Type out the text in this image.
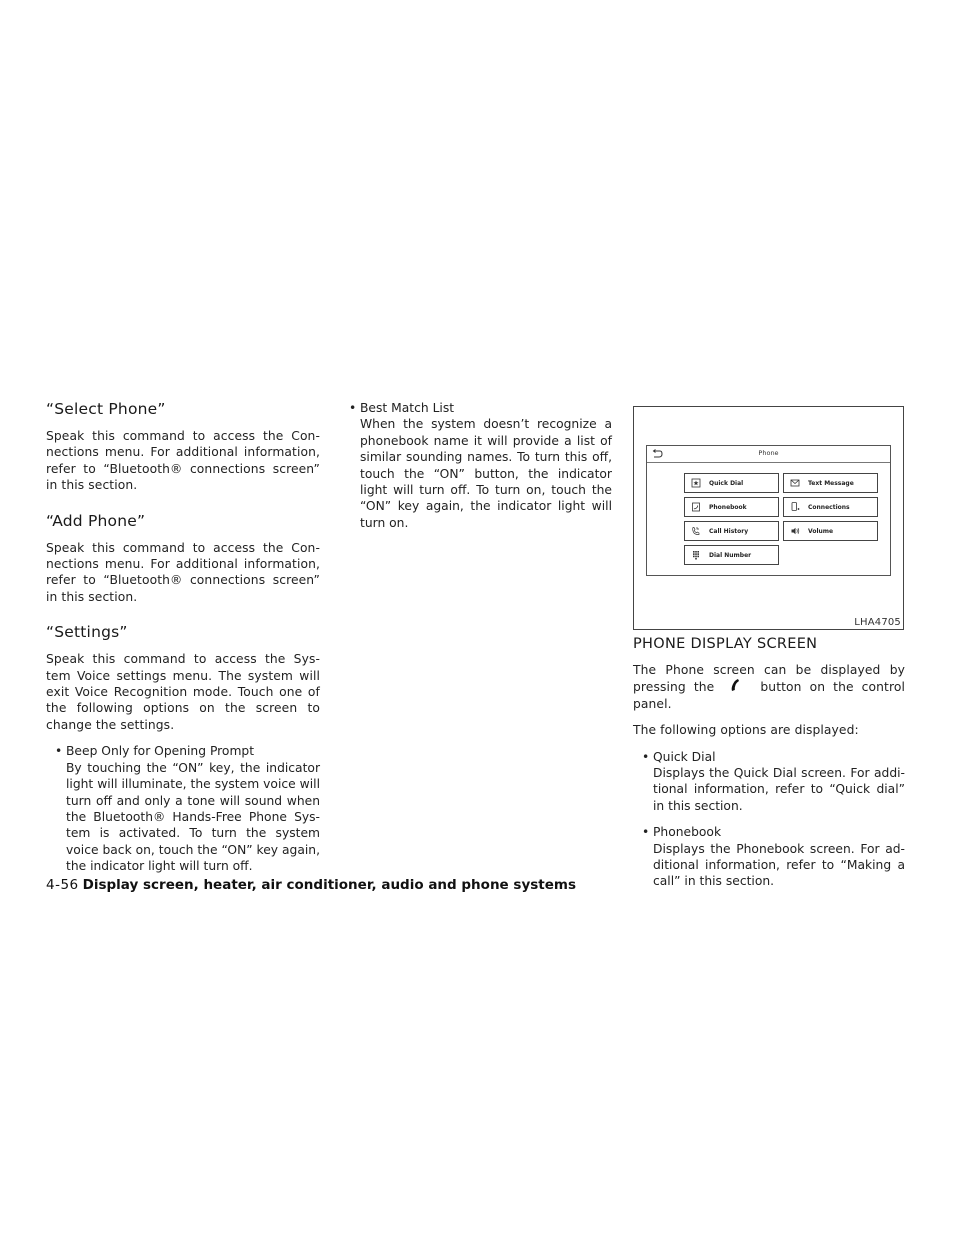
“Select Phone”

Speak this command to access the Con- nections menu. For additional information, refer to “Bluetooth® connections screen” in this section.

“Add Phone”

Speak this command to access the Con- nections menu. For additional information, refer to “Bluetooth® connections screen” in this section.

“Settings”

Speak this command to access the Sys- tem Voice settings menu. The system will exit Voice Recognition mode. Touch one of the following options on the screen to change the settings.

• Beep Only for Opening Prompt
By touching the “ON” key, the indicator light will illuminate, the system voice will turn off and only a tone will sound when the Bluetooth® Hands-Free Phone Sys- tem is activated. To turn the system voice back on, touch the “ON” key again, the indicator light will turn off.
• Best Match List
When the system doesn’t recognize a phonebook name it will provide a list of similar sounding names. To turn this off, touch the “ON” button, the indicator light will turn off. To turn on, touch the “ON” key again, the indicator light will turn on.
Phone
Quick Dial	Text Message
Phonebook	Connections
Call History	Volume
Dial Number
LHA4705
PHONE DISPLAY SCREEN

The Phone screen can be displayed by pressing the	button on the control panel.

The following options are displayed:

• Quick Dial
Displays the Quick Dial screen. For addi- tional information, refer to “Quick dial” in this section.
• Phonebook
Displays the Phonebook screen. For ad- ditional information, refer to “Making a call” in this section.
4-56 Display screen, heater, air conditioner, audio and phone systems
